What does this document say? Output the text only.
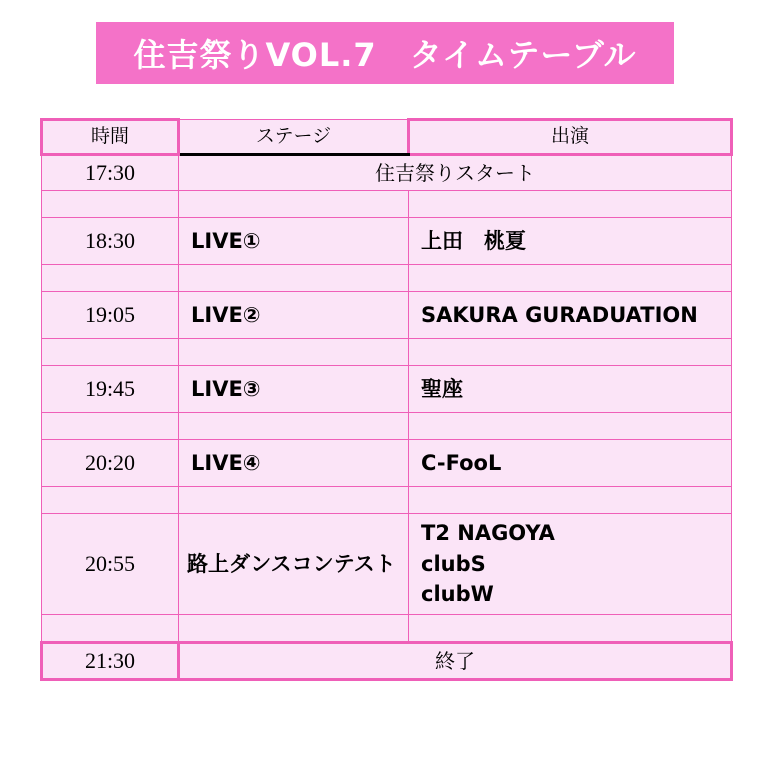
住吉祭りVOL.7　タイムテーブル
時間	ステージ	出演

17:30	住吉祭りスタート	

18:30	LIVE①	上田　桃夏

19:05	LIVE②	SAKURA GURADUATION

19:45	LIVE③	聖座

20:20	LIVE④	C-FooL

20:55	路上ダンスコンテスト	T2 NAGOYA
clubS
clubW

21:30	終了	
